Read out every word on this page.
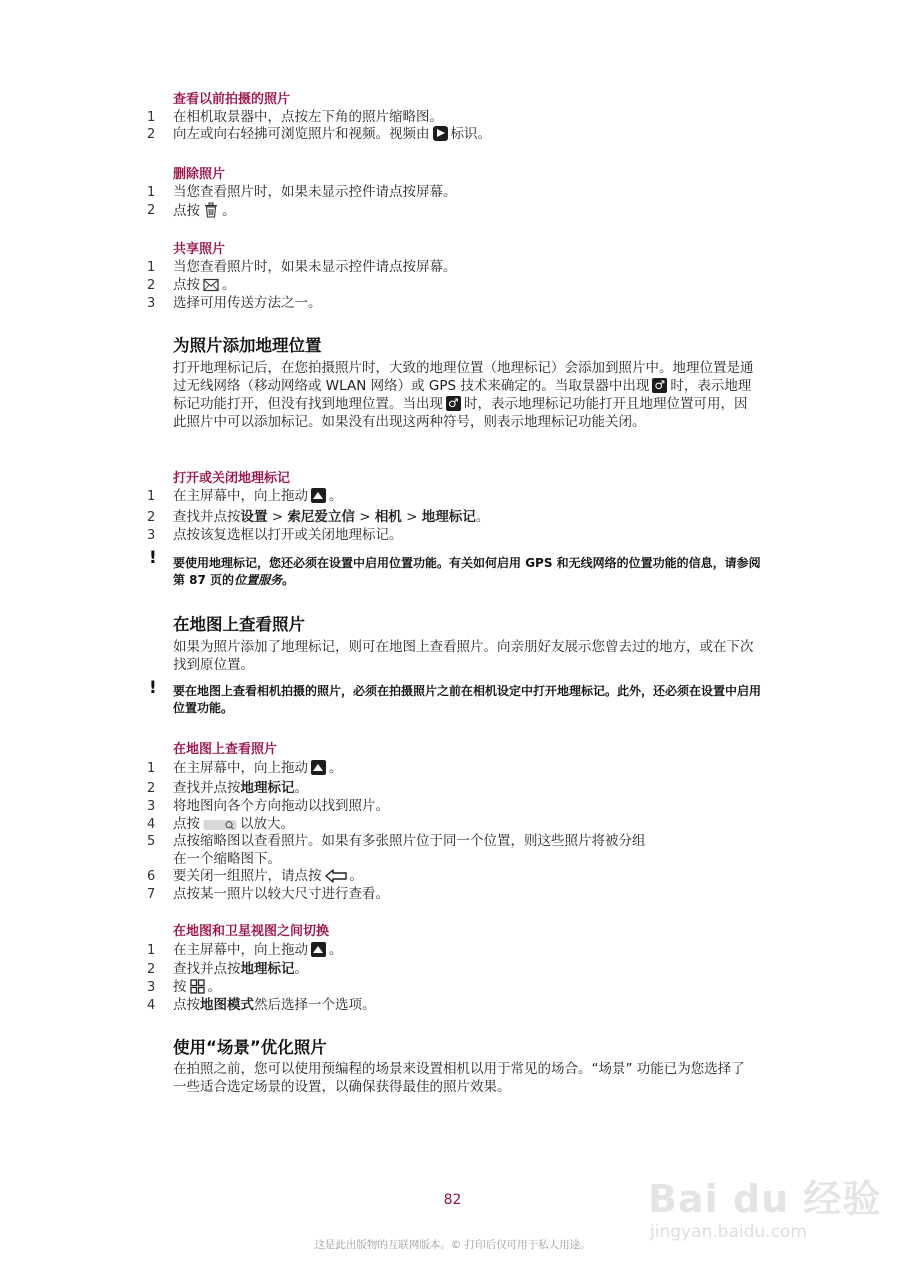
查看以前拍摄的照片
1	在相机取景器中，点按左下角的照片缩略图。
2	向左或向右轻拂可浏览照片和视频。视频由 标识。
删除照片
1	当您查看照片时，如果未显示控件请点按屏幕。
2	点按 。
共享照片
1	当您查看照片时，如果未显示控件请点按屏幕。
2	点按 。
3	选择可用传送方法之一。
为照片添加地理位置
打开地理标记后，在您拍摄照片时，大致的地理位置（地理标记）会添加到照片中。地理位置是通过无线网络（移动网络或 WLAN 网络）或 GPS 技术来确定的。当取景器中出现 ♂ 时，表示地理标记功能打开，但没有找到地理位置。当出现 ♂ 时，表示地理标记功能打开且地理位置可用，因此照片中可以添加标记。如果没有出现这两种符号，则表示地理标记功能关闭。
打开或关闭地理标记
1	在主屏幕中，向上拖动 。
2	查找并点按设置 > 索尼爱立信 > 相机 > 地理标记。
3	点按该复选框以打开或关闭地理标记。
! 要使用地理标记，您还必须在设置中启用位置功能。有关如何启用 GPS 和无线网络的位置功能的信息，请参阅第 87 页的位置服务。
在地图上查看照片
如果为照片添加了地理标记，则可在地图上查看照片。向亲朋好友展示您曾去过的地方，或在下次找到原位置。
! 要在地图上查看相机拍摄的照片，必须在拍摄照片之前在相机设定中打开地理标记。此外，还必须在设置中启用位置功能。
在地图上查看照片
1	在主屏幕中，向上拖动 。
2	查找并点按地理标记。
3	将地图向各个方向拖动以找到照片。
4	点按	以放大。
5	点按缩略图以查看照片。如果有多张照片位于同一个位置，则这些照片将被分组
在一个缩略图下。
6	要关闭一组照片，请点按 。
7	点按某一照片以较大尺寸进行查看。
在地图和卫星视图之间切换
1	在主屏幕中，向上拖动 。
2	查找并点按地理标记。
3	按 。
4	点按地图模式然后选择一个选项。
使用“场景”优化照片
在拍照之前，您可以使用预编程的场景来设置相机以用于常见的场合。“场景” 功能已为您选择了一些适合选定场景的设置，以确保获得最佳的照片效果。
Bai du 经验
jingyan.baidu.com
82
这是此出版物的互联网版本。© 打印后仅可用于私人用途。
